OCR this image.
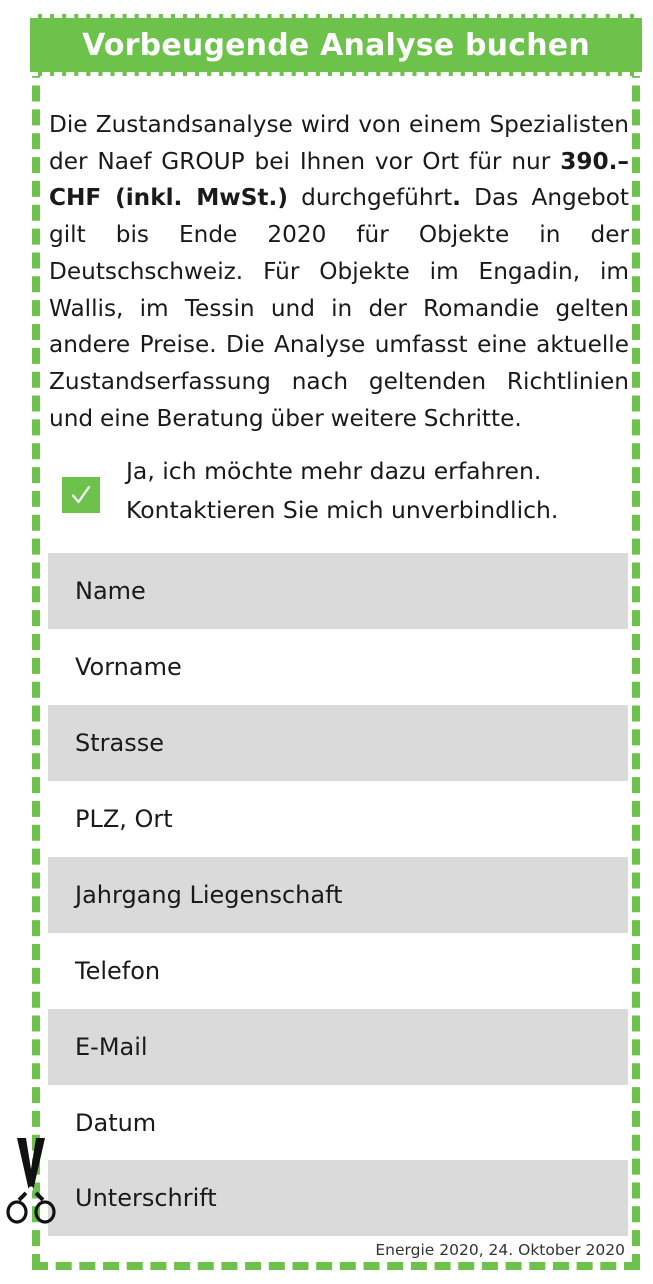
Vorbeugende Analyse buchen
Die Zustandsanalyse wird von einem Spezialisten der Naef GROUP bei Ihnen vor Ort für nur 390.– CHF (inkl. MwSt.) durchgeführt. Das Angebot gilt bis Ende 2020 für Objekte in der Deutschschweiz. Für Objekte im Engadin, im Wallis, im Tessin und in der Romandie gelten andere Preise. Die Analyse umfasst eine aktuelle Zustandserfassung nach geltenden Richtlinien und eine Beratung über weitere Schritte.
Ja, ich möchte mehr dazu erfahren.
Kontaktieren Sie mich unverbindlich.
Name
Vorname
Strasse
PLZ, Ort
Jahrgang Liegenschaft
Telefon
E-Mail
Datum
Unterschrift
Energie 2020, 24. Oktober 2020
